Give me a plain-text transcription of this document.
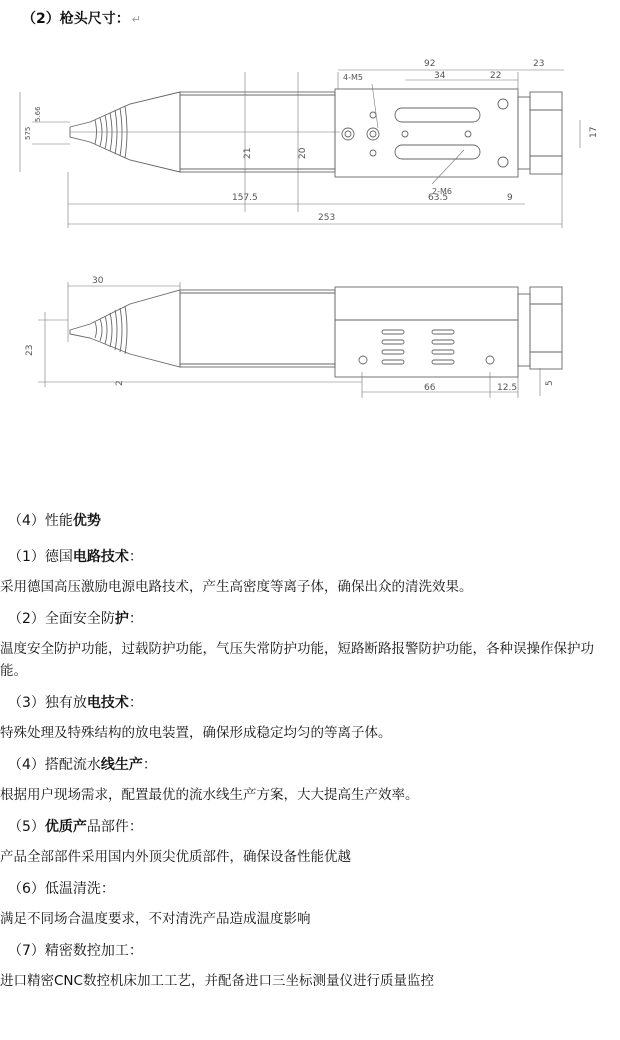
（2）枪头尺寸： ↵
92	23
4-M5	34	22
5.66
575
21	20
17
2-M6
157.5	63.5	9
253
30
23
2	66	12.5	5

（4）性能优势

（1）德国电路技术：
采用德国高压激励电源电路技术，产生高密度等离子体，确保出众的清洗效果。
（2）全面安全防护：
温度安全防护功能，过载防护功能，气压失常防护功能，短路断路报警防护功能，各种误操作保护功能。
（3）独有放电技术：
特殊处理及特殊结构的放电装置，确保形成稳定均匀的等离子体。
（4）搭配流水线生产：
根据用户现场需求，配置最优的流水线生产方案，大大提高生产效率。
（5）优质产品部件：
产品全部部件采用国内外顶尖优质部件，确保设备性能优越
（6）低温清洗：
满足不同场合温度要求，不对清洗产品造成温度影响
（7）精密数控加工：
进口精密CNC数控机床加工工艺，并配备进口三坐标测量仪进行质量监控
